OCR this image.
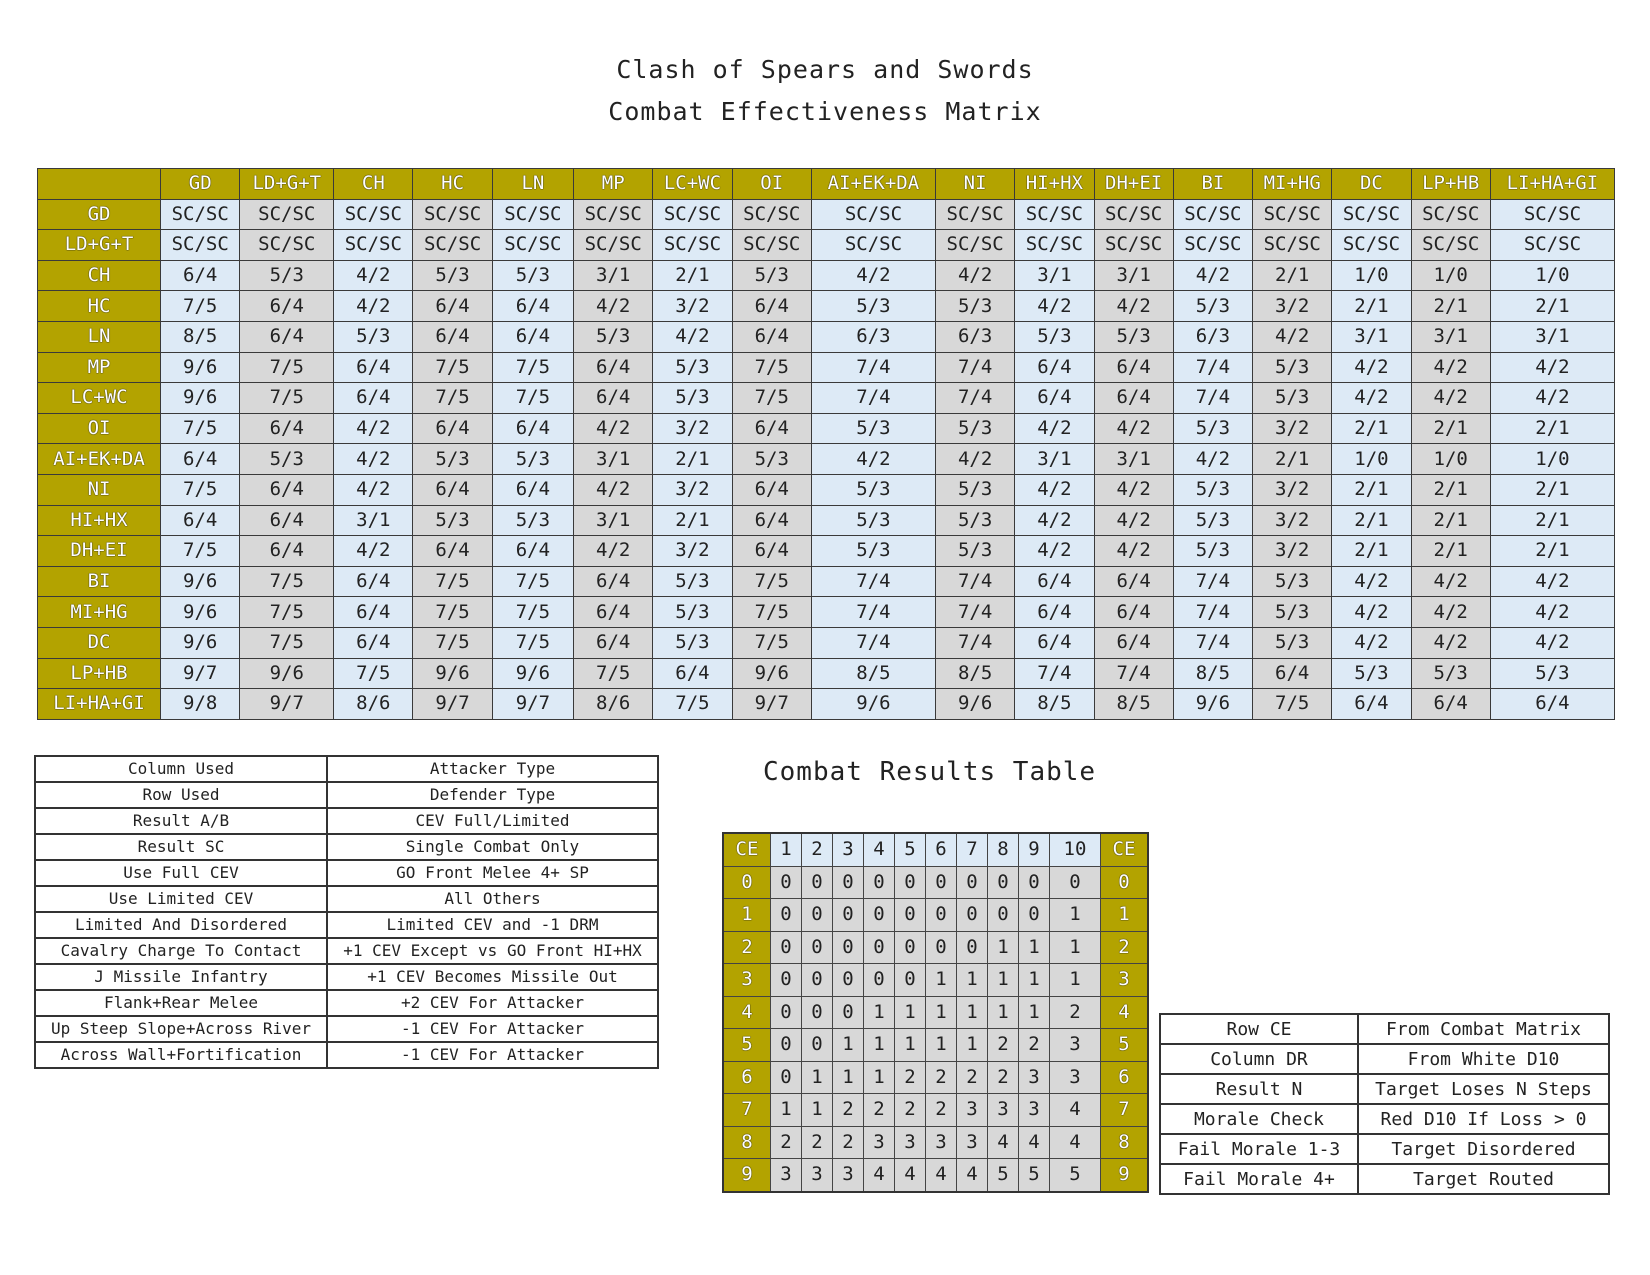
Clash of Spears and Swords
Combat Effectiveness Matrix
	GD	LD+G+T	CH	HC	LN	MP	LC+WC	OI	AI+EK+DA	NI	HI+HX	DH+EI	BI	MI+HG	DC	LP+HB	LI+HA+GI
GD	SC/SC	SC/SC	SC/SC	SC/SC	SC/SC	SC/SC	SC/SC	SC/SC	SC/SC	SC/SC	SC/SC	SC/SC	SC/SC	SC/SC	SC/SC	SC/SC	SC/SC
LD+G+T	SC/SC	SC/SC	SC/SC	SC/SC	SC/SC	SC/SC	SC/SC	SC/SC	SC/SC	SC/SC	SC/SC	SC/SC	SC/SC	SC/SC	SC/SC	SC/SC	SC/SC
CH	6/4	5/3	4/2	5/3	5/3	3/1	2/1	5/3	4/2	4/2	3/1	3/1	4/2	2/1	1/0	1/0	1/0
HC	7/5	6/4	4/2	6/4	6/4	4/2	3/2	6/4	5/3	5/3	4/2	4/2	5/3	3/2	2/1	2/1	2/1
LN	8/5	6/4	5/3	6/4	6/4	5/3	4/2	6/4	6/3	6/3	5/3	5/3	6/3	4/2	3/1	3/1	3/1
MP	9/6	7/5	6/4	7/5	7/5	6/4	5/3	7/5	7/4	7/4	6/4	6/4	7/4	5/3	4/2	4/2	4/2
LC+WC	9/6	7/5	6/4	7/5	7/5	6/4	5/3	7/5	7/4	7/4	6/4	6/4	7/4	5/3	4/2	4/2	4/2
OI	7/5	6/4	4/2	6/4	6/4	4/2	3/2	6/4	5/3	5/3	4/2	4/2	5/3	3/2	2/1	2/1	2/1
AI+EK+DA	6/4	5/3	4/2	5/3	5/3	3/1	2/1	5/3	4/2	4/2	3/1	3/1	4/2	2/1	1/0	1/0	1/0
NI	7/5	6/4	4/2	6/4	6/4	4/2	3/2	6/4	5/3	5/3	4/2	4/2	5/3	3/2	2/1	2/1	2/1
HI+HX	6/4	6/4	3/1	5/3	5/3	3/1	2/1	6/4	5/3	5/3	4/2	4/2	5/3	3/2	2/1	2/1	2/1
DH+EI	7/5	6/4	4/2	6/4	6/4	4/2	3/2	6/4	5/3	5/3	4/2	4/2	5/3	3/2	2/1	2/1	2/1
BI	9/6	7/5	6/4	7/5	7/5	6/4	5/3	7/5	7/4	7/4	6/4	6/4	7/4	5/3	4/2	4/2	4/2
MI+HG	9/6	7/5	6/4	7/5	7/5	6/4	5/3	7/5	7/4	7/4	6/4	6/4	7/4	5/3	4/2	4/2	4/2
DC	9/6	7/5	6/4	7/5	7/5	6/4	5/3	7/5	7/4	7/4	6/4	6/4	7/4	5/3	4/2	4/2	4/2
LP+HB	9/7	9/6	7/5	9/6	9/6	7/5	6/4	9/6	8/5	8/5	7/4	7/4	8/5	6/4	5/3	5/3	5/3
LI+HA+GI	9/8	9/7	8/6	9/7	9/7	8/6	7/5	9/7	9/6	9/6	8/5	8/5	9/6	7/5	6/4	6/4	6/4
Column Used	Attacker Type
Row Used	Defender Type
Result A/B	CEV Full/Limited
Result SC	Single Combat Only
Use Full CEV	GO Front Melee 4+ SP
Use Limited CEV	All Others
Limited And Disordered	Limited CEV and -1 DRM
Cavalry Charge To Contact	+1 CEV Except vs GO Front HI+HX
J Missile Infantry	+1 CEV Becomes Missile Out
Flank+Rear Melee	+2 CEV For Attacker
Up Steep Slope+Across River	-1 CEV For Attacker
Across Wall+Fortification	-1 CEV For Attacker
Combat Results Table
CE	1	2	3	4	5	6	7	8	9	10	CE
0	0	0	0	0	0	0	0	0	0	0	0
1	0	0	0	0	0	0	0	0	0	1	1
2	0	0	0	0	0	0	0	1	1	1	2
3	0	0	0	0	0	1	1	1	1	1	3
4	0	0	0	1	1	1	1	1	1	2	4
5	0	0	1	1	1	1	1	2	2	3	5
6	0	1	1	1	2	2	2	2	3	3	6
7	1	1	2	2	2	2	3	3	3	4	7
8	2	2	2	3	3	3	3	4	4	4	8
9	3	3	3	4	4	4	4	5	5	5	9
Row CE	From Combat Matrix
Column DR	From White D10
Result N	Target Loses N Steps
Morale Check	Red D10 If Loss > 0
Fail Morale 1-3	Target Disordered
Fail Morale 4+	Target Routed
